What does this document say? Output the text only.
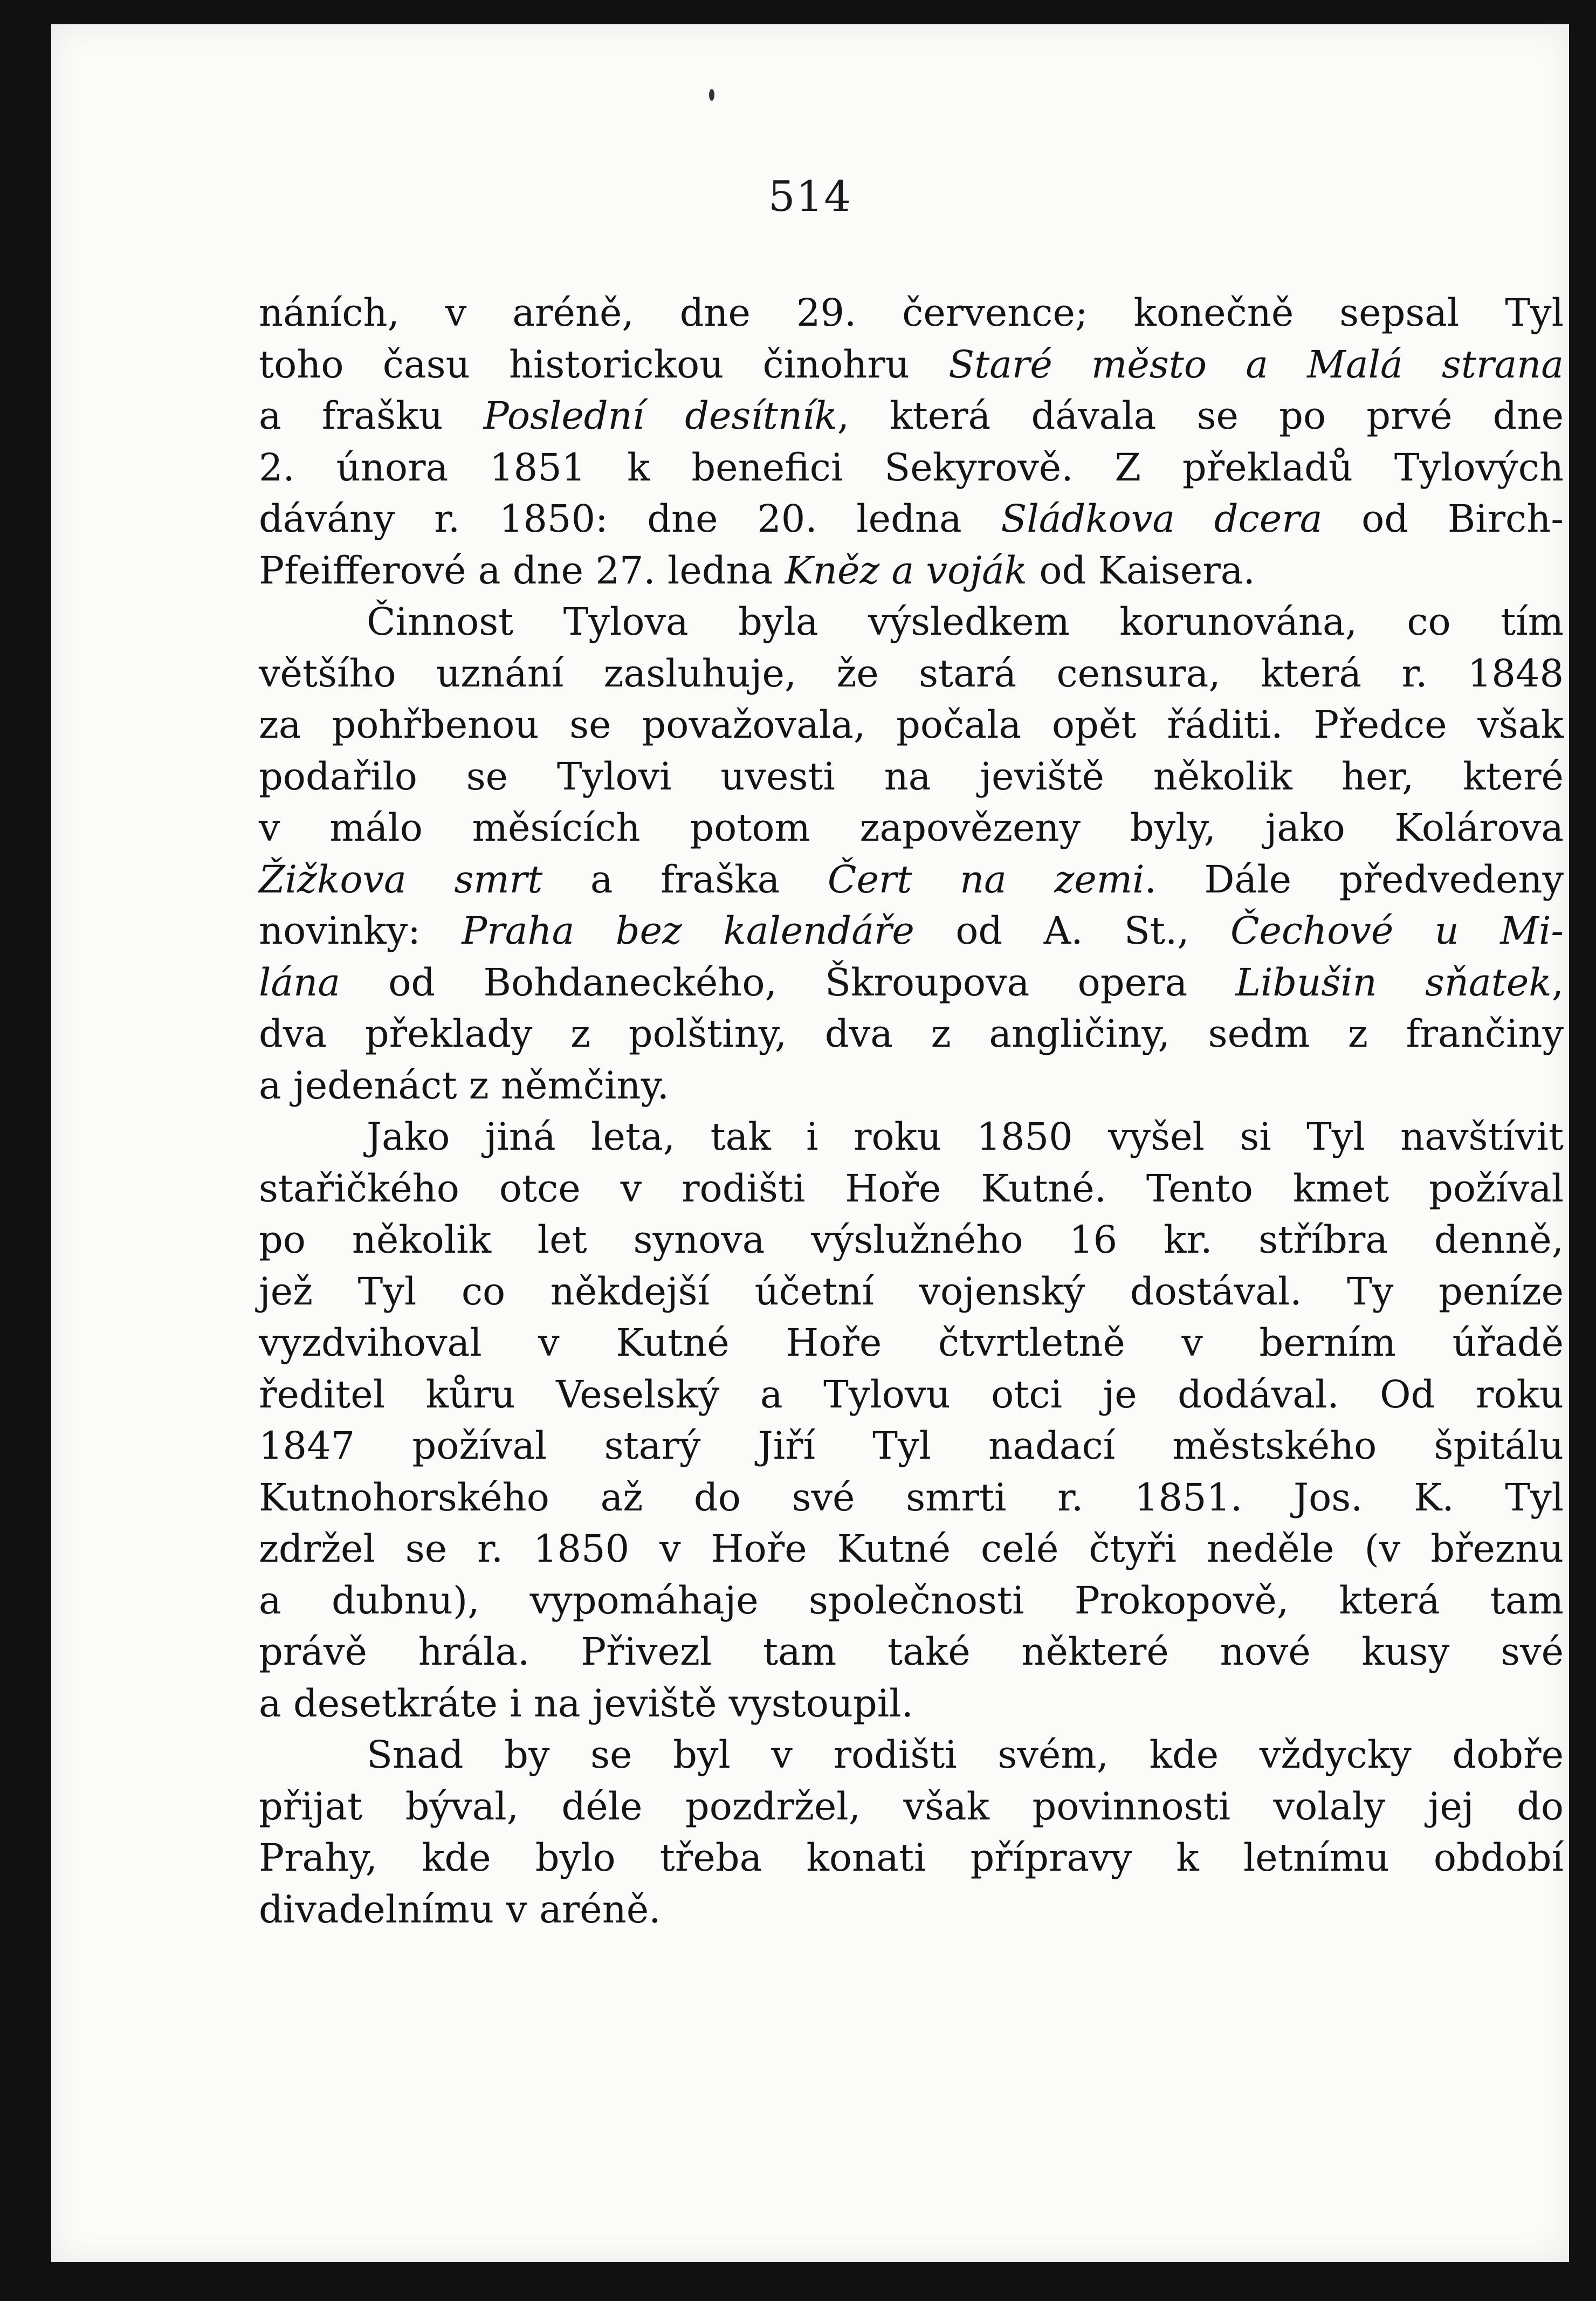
514
náních, v aréně, dne 29. července; konečně sepsal Tyl
toho času historickou činohru Staré město a Malá strana
a frašku Poslední desítník, která dávala se po prvé dne
2. února 1851 k benefici Sekyrově. Z překladů Tylových
dávány r. 1850: dne 20. ledna Sládkova dcera od Birch-
Pfeifferové a dne 27. ledna Kněz a voják od Kaisera.
Činnost Tylova byla výsledkem korunována, co tím
většího uznání zasluhuje, že stará censura, která r. 1848
za pohřbenou se považovala, počala opět řáditi. Předce však
podařilo se Tylovi uvesti na jeviště několik her, které
v málo měsících potom zapovězeny byly, jako Kolárova
Žižkova smrt a fraška Čert na zemi. Dále předvedeny
novinky: Praha bez kalendáře od A. St., Čechové u Mi-
lána od Bohdaneckého, Škroupova opera Libušin sňatek,
dva překlady z polštiny, dva z angličiny, sedm z frančiny
a jedenáct z němčiny.
Jako jiná leta, tak i roku 1850 vyšel si Tyl navštívit
stařičkého otce v rodišti Hoře Kutné. Tento kmet požíval
po několik let synova výslužného 16 kr. stříbra denně,
jež Tyl co někdejší účetní vojenský dostával. Ty peníze
vyzdvihoval v Kutné Hoře čtvrtletně v berním úřadě
ředitel kůru Veselský a Tylovu otci je dodával. Od roku
1847 požíval starý Jiří Tyl nadací městského špitálu
Kutnohorského až do své smrti r. 1851. Jos. K. Tyl
zdržel se r. 1850 v Hoře Kutné celé čtyři neděle (v březnu
a dubnu), vypomáhaje společnosti Prokopově, která tam
právě hrála. Přivezl tam také některé nové kusy své
a desetkráte i na jeviště vystoupil.
Snad by se byl v rodišti svém, kde vždycky dobře
přijat býval, déle pozdržel, však povinnosti volaly jej do
Prahy, kde bylo třeba konati přípravy k letnímu období
divadelnímu v aréně.
